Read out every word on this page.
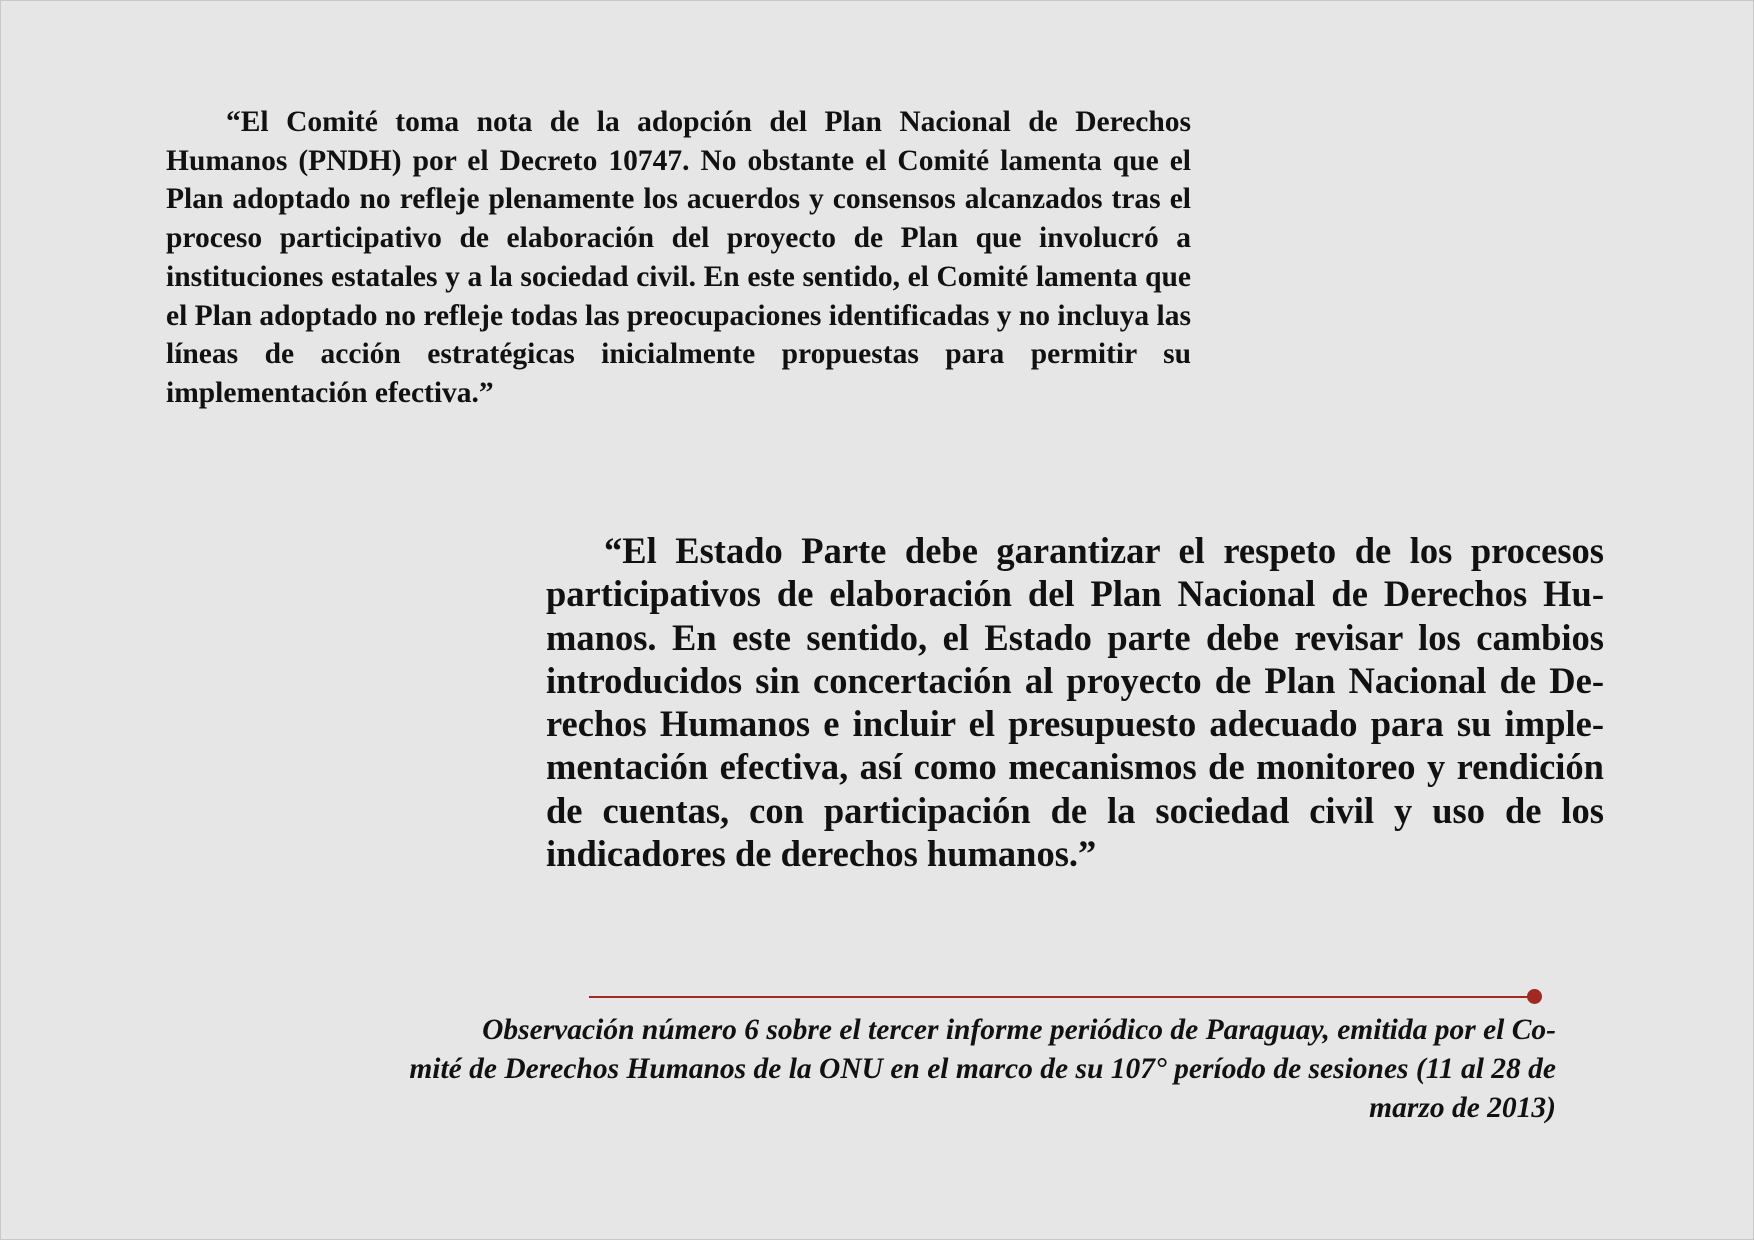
“El Comité toma nota de la adopción del Plan Nacional de Derechos Humanos (PNDH) por el Decreto 10747. No obstante el Comité lamenta que el Plan adoptado no refleje plenamente los acuerdos y consensos alcanzados tras el proceso participativo de elaboración del proyecto de Plan que involucró a instituciones estatales y a la sociedad civil. En este sentido, el Comité lamenta que el Plan adoptado no refleje todas las preocupaciones identificadas y no incluya las líneas de acción estratégicas inicialmente propuestas para permitir su implementación efectiva.”

“El Estado Parte debe garantizar el respeto de los procesos participativos de elaboración del Plan Nacional de Derechos Humanos. En este sentido, el Estado parte debe revisar los cambios introducidos sin concertación al proyecto de Plan Nacional de Derechos Humanos e incluir el presupuesto adecuado para su implementación efectiva, así como mecanismos de monitoreo y rendición de cuentas, con participación de la sociedad civil y uso de los indicadores de derechos humanos.”

Observación número 6 sobre el tercer informe periódico de Paraguay, emitida por el Co-
mité de Derechos Humanos de la ONU en el marco de su 107° período de sesiones (11 al 28 de
marzo de 2013)
